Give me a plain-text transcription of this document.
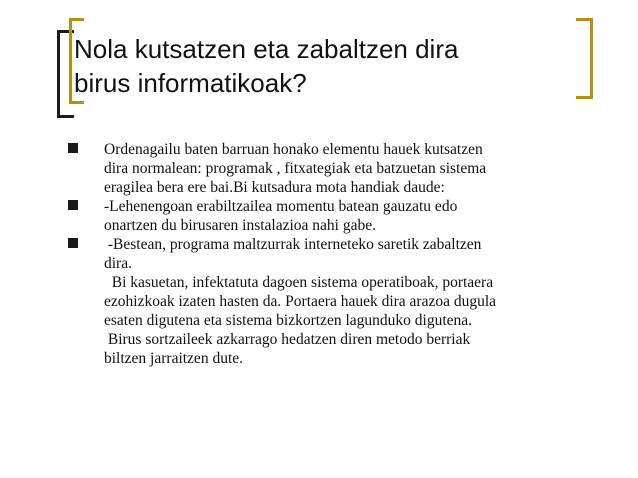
Nola kutsatzen eta zabaltzen dira
birus informatikoak?
Ordenagailu baten barruan honako elementu hauek kutsatzen
dira normalean: programak , fitxategiak eta batzuetan sistema
eragilea bera ere bai.Bi kutsadura mota handiak daude:
-Lehenengoan erabiltzailea momentu batean gauzatu edo
onartzen du birusaren instalazioa nahi gabe.
-Bestean, programa maltzurrak interneteko saretik zabaltzen
dira.
Bi kasuetan, infektatuta dagoen sistema operatiboak, portaera
ezohizkoak izaten hasten da. Portaera hauek dira arazoa dugula
esaten digutena eta sistema bizkortzen lagunduko digutena.
Birus sortzaileek azkarrago hedatzen diren metodo berriak
biltzen jarraitzen dute.
